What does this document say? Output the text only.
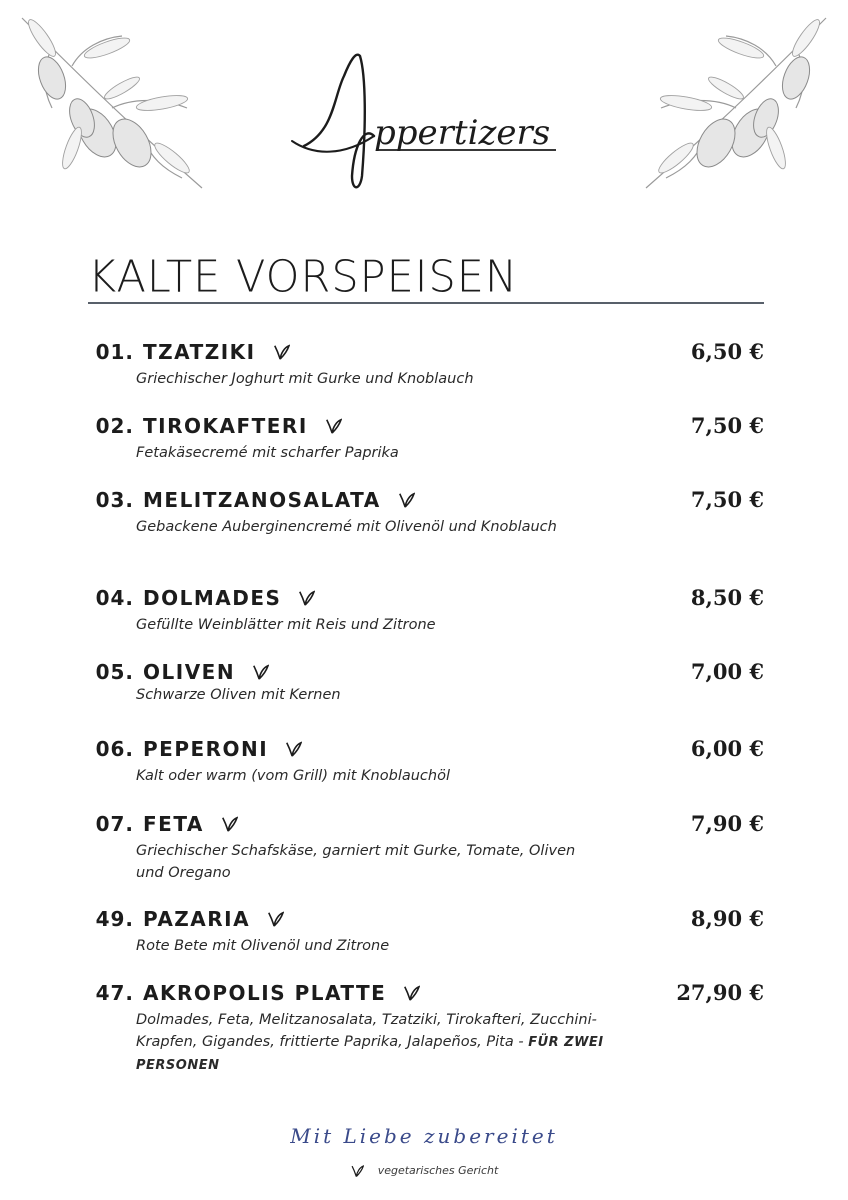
ppertizers
KALTE VORSPEISEN
01. TZATZIKI	6,50 €
Griechischer Joghurt mit Gurke und Knoblauch
02. TIROKAFTERI	7,50 €
Fetakäsecremé mit scharfer Paprika
03. MELITZANOSALATA	7,50 €
Gebackene Auberginencremé mit Olivenöl und Knoblauch
04. DOLMADES	8,50 €
Gefüllte Weinblätter mit Reis und Zitrone
05. OLIVEN	7,00 €
Schwarze Oliven mit Kernen
06. PEPERONI	6,00 €
Kalt oder warm (vom Grill) mit Knoblauchöl
07. FETA	7,90 €
Griechischer Schafskäse, garniert mit Gurke, Tomate, Oliven und Oregano
49. PAZARIA	8,90 €
Rote Bete mit Olivenöl und Zitrone
47. AKROPOLIS PLATTE	27,90 €
Dolmades, Feta, Melitzanosalata, Tzatziki, Tirokafteri, Zucchini-Krapfen, Gigandes, frittierte Paprika, Jalapeños, Pita - FÜR ZWEI PERSONEN
Mit Liebe zubereitet
vegetarisches Gericht
